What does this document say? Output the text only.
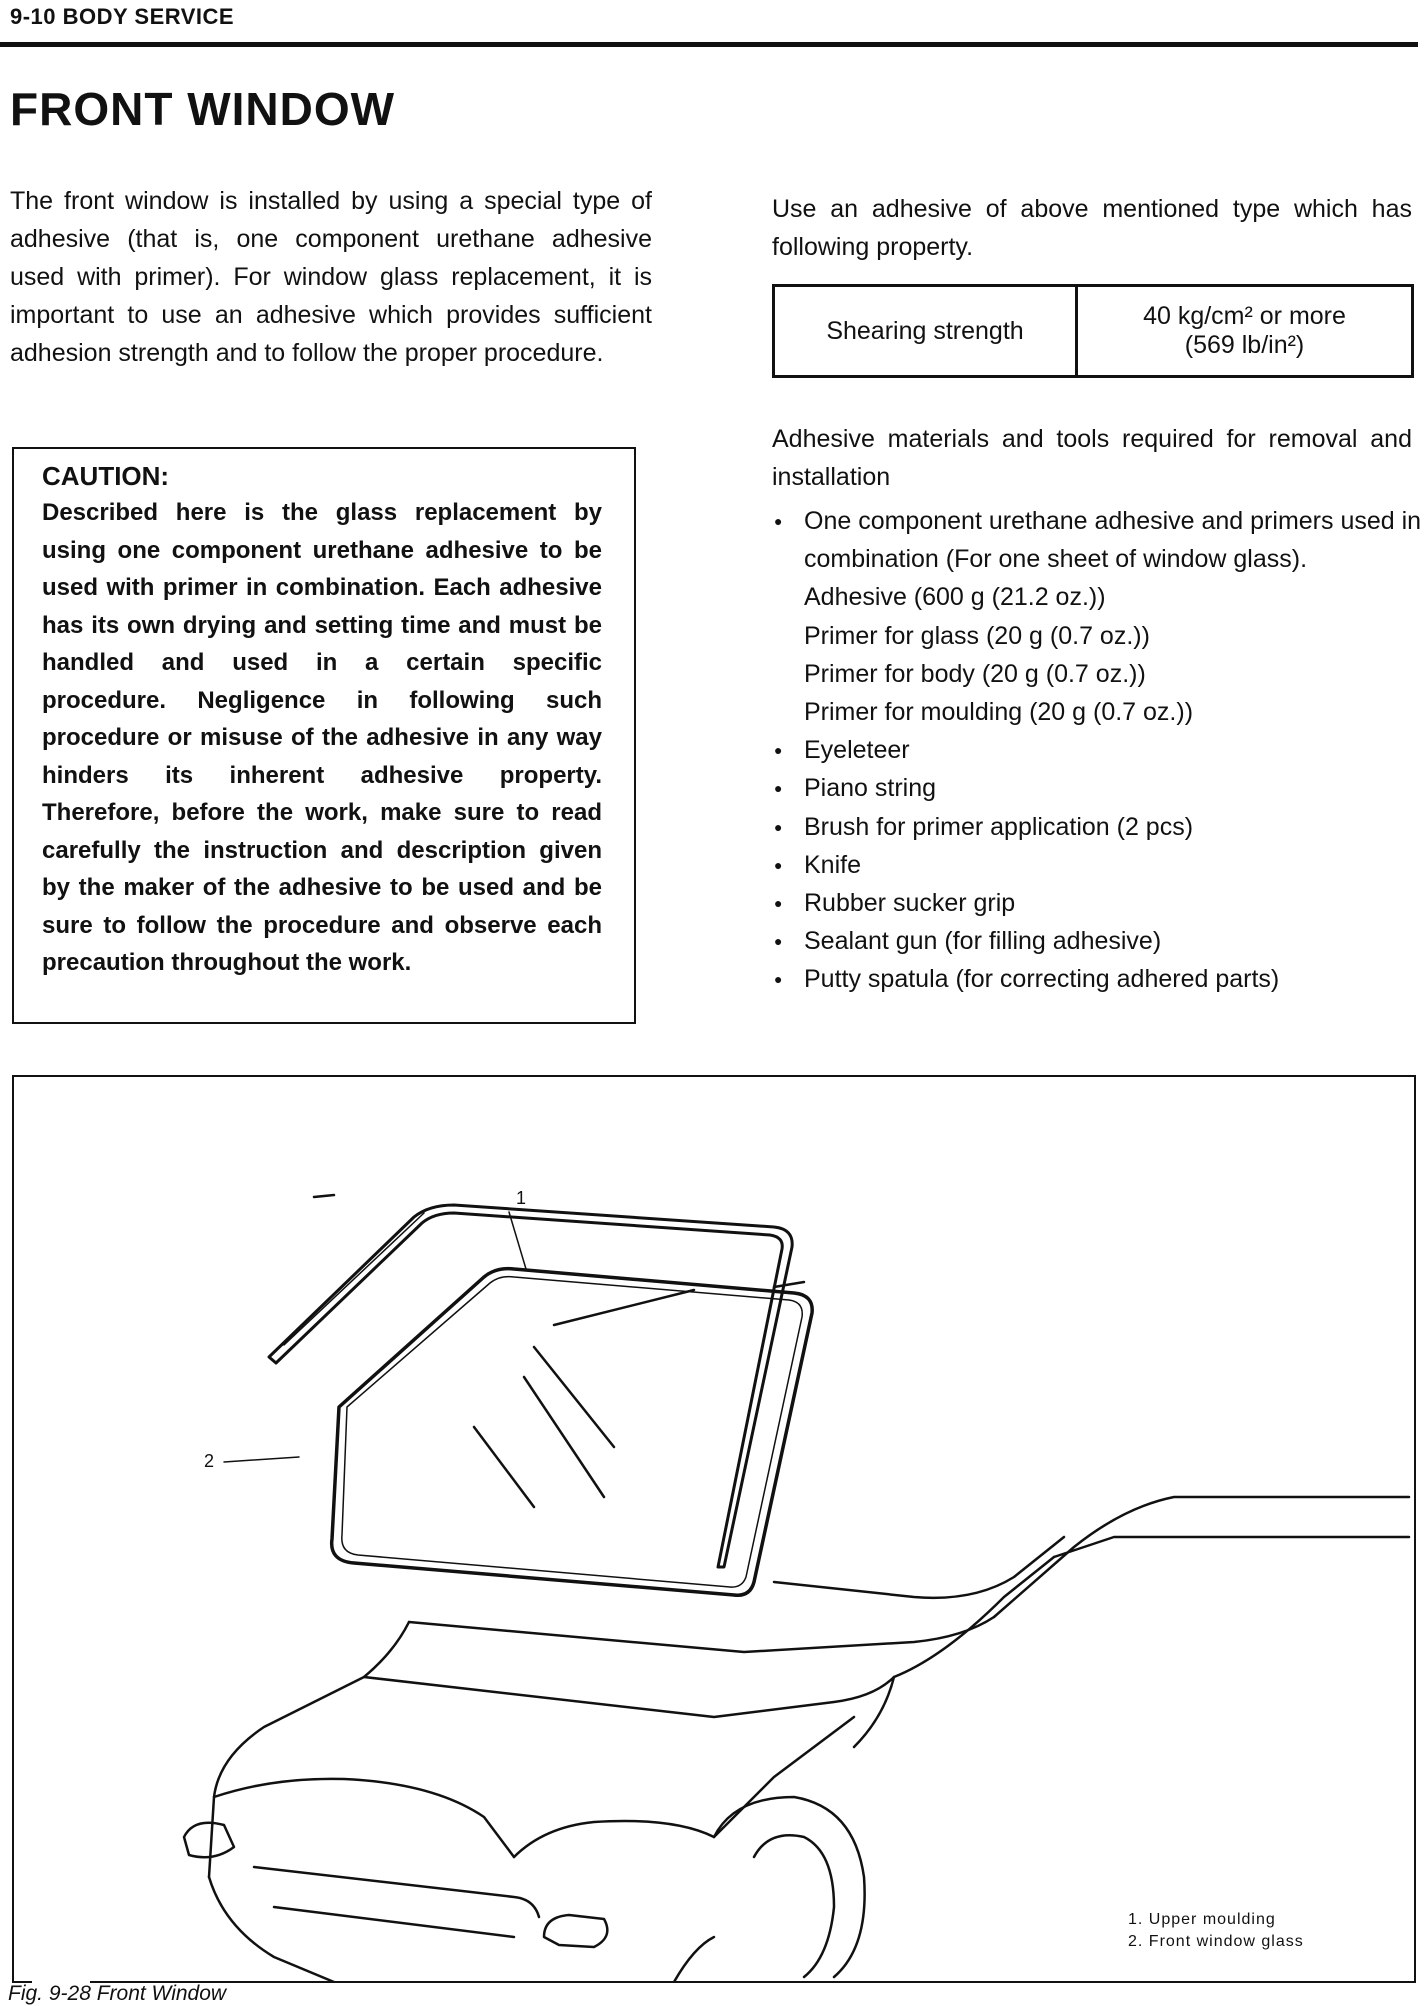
9-10 BODY SERVICE
FRONT WINDOW
The front window is installed by using a special type of adhesive (that is, one component urethane adhesive used with primer). For window glass replacement, it is important to use an adhesive which provides sufficient adhesion strength and to follow the proper procedure.
CAUTION:
Described here is the glass replacement by using one component urethane adhesive to be used with primer in combination. Each adhesive has its own drying and setting time and must be handled and used in a certain specific procedure. Negligence in following such procedure or misuse of the adhesive in any way hinders its inherent adhesive property. Therefore, before the work, make sure to read carefully the instruction and description given by the maker of the adhesive to be used and be sure to follow the procedure and observe each precaution throughout the work.
Use an adhesive of above mentioned type which has following property.
Shearing strength	
40 kg/cm² or more
(569 lb/in²)
Adhesive materials and tools required for removal and installation
● One component urethane adhesive and primers used in combination (For one sheet of window glass).
Adhesive (600 g (21.2 oz.))
Primer for glass (20 g (0.7 oz.))
Primer for body (20 g (0.7 oz.))
Primer for moulding (20 g (0.7 oz.))
● Eyeleteer
● Piano string
● Brush for primer application (2 pcs)
● Knife
● Rubber sucker grip
● Sealant gun (for filling adhesive)
● Putty spatula (for correcting adhered parts)
1
2
1. Upper moulding
2. Front window glass
Fig. 9-28 Front Window
